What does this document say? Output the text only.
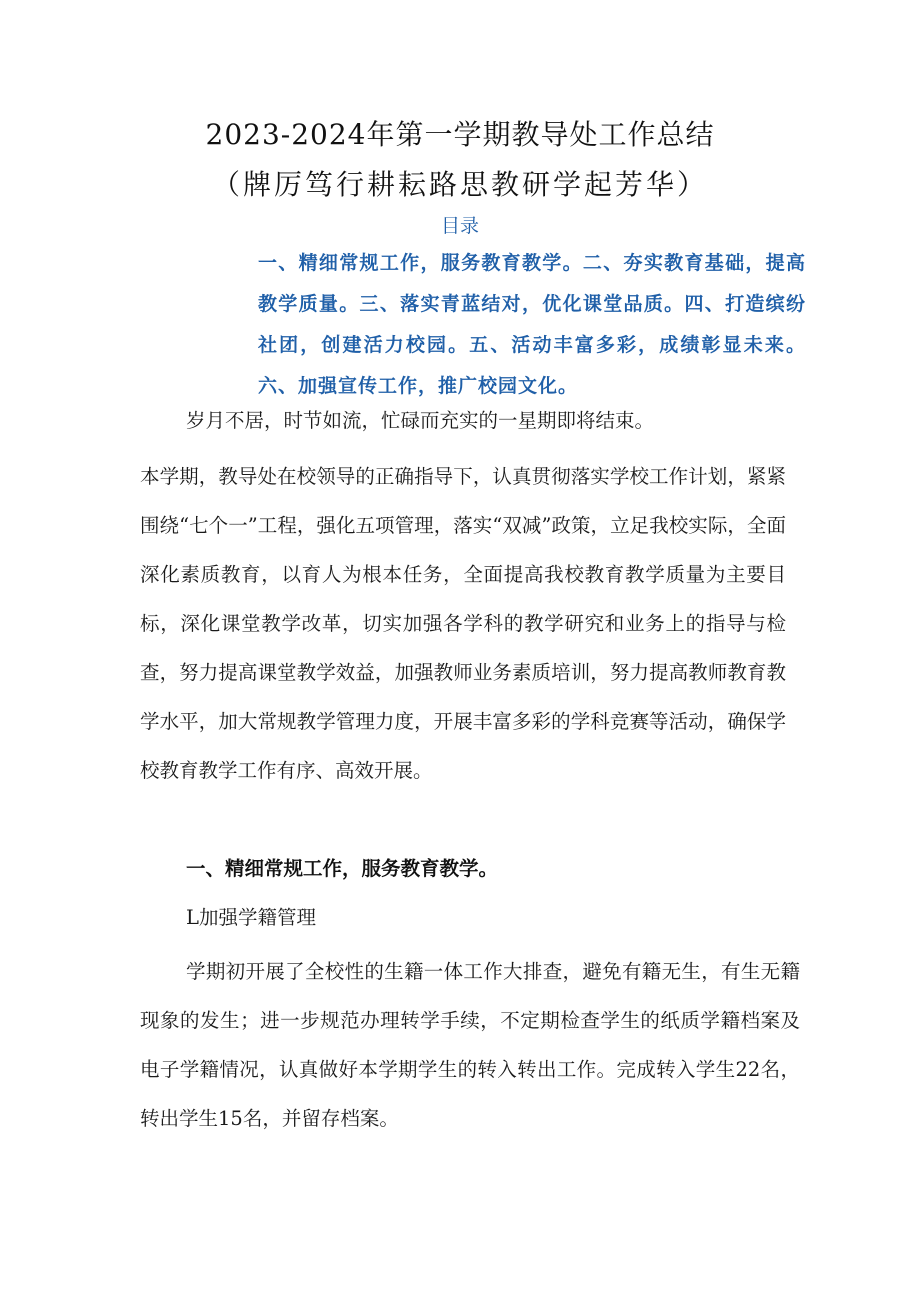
2023-2024年第一学期教导处工作总结
（牌厉笃行耕耘路思教研学起芳华）
目录
一、精细常规工作，服务教育教学。二、夯实教育基础，提高教学质量。三、落实青蓝结对，优化课堂品质。四、打造缤纷社团，创建活力校园。五、活动丰富多彩，成绩彰显未来。六、加强宣传工作，推广校园文化。
岁月不居，时节如流，忙碌而充实的一星期即将结束。
本学期，教导处在校领导的正确指导下，认真贯彻落实学校工作计划，紧紧围绕“七个一”工程，强化五项管理，落实“双减”政策，立足我校实际，全面深化素质教育，以育人为根本任务，全面提高我校教育教学质量为主要目标，深化课堂教学改革，切实加强各学科的教学研究和业务上的指导与检查，努力提高课堂教学效益，加强教师业务素质培训，努力提高教师教育教学水平，加大常规教学管理力度，开展丰富多彩的学科竞赛等活动，确保学校教育教学工作有序、高效开展。
一、精细常规工作，服务教育教学。
L加强学籍管理
学期初开展了全校性的生籍一体工作大排查，避免有籍无生，有生无籍现象的发生；进一步规范办理转学手续，不定期检查学生的纸质学籍档案及电子学籍情况，认真做好本学期学生的转入转出工作。完成转入学生22名，转出学生15名，并留存档案。
